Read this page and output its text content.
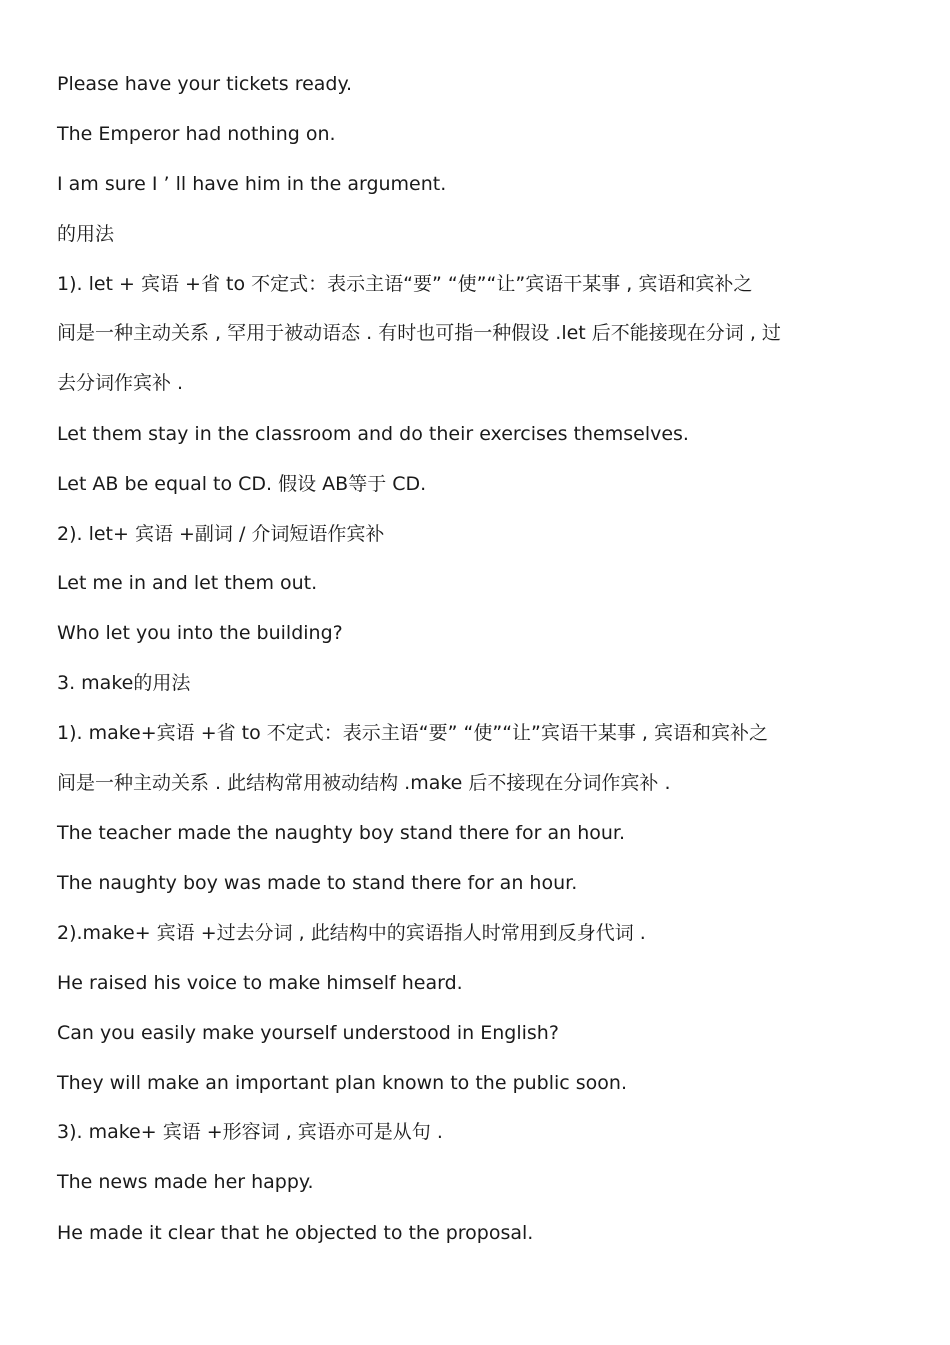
Please have your tickets ready.
The Emperor had nothing on.
I am sure I ’ ll have him in the argument.
的用法
1). let + 宾语 +省 to 不定式：表示主语“要” “使”“让”宾语干某事 , 宾语和宾补之
间是一种主动关系 , 罕用于被动语态 . 有时也可指一种假设 .let 后不能接现在分词 , 过
去分词作宾补 .
Let them stay in the classroom and do their exercises themselves.
Let AB be equal to CD. 假设 AB等于 CD.
2). let+ 宾语 +副词 / 介词短语作宾补
Let me in and let them out.
Who let you into the building?
3. make的用法
1). make+宾语 +省 to 不定式：表示主语“要” “使”“让”宾语干某事 , 宾语和宾补之
间是一种主动关系 . 此结构常用被动结构 .make 后不接现在分词作宾补 .
The teacher made the naughty boy stand there for an hour.
The naughty boy was made to stand there for an hour.
2).make+ 宾语 +过去分词 , 此结构中的宾语指人时常用到反身代词 .
He raised his voice to make himself heard.
Can you easily make yourself understood in English?
They will make an important plan known to the public soon.
3). make+ 宾语 +形容词 , 宾语亦可是从句 .
The news made her happy.
He made it clear that he objected to the proposal.
